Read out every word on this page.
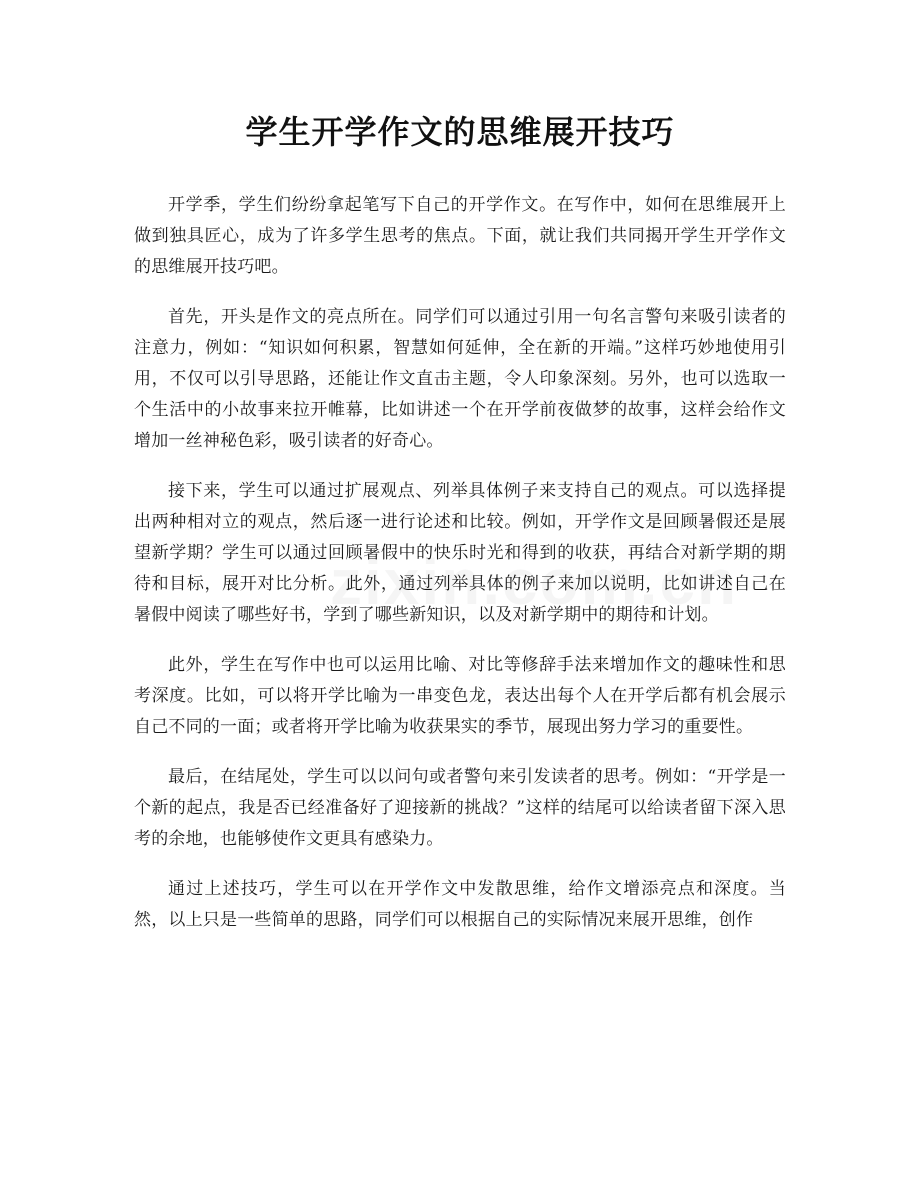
学生开学作文的思维展开技巧

开学季，学生们纷纷拿起笔写下自己的开学作文。在写作中，如何在思维展开上做到独具匠心，成为了许多学生思考的焦点。下面，就让我们共同揭开学生开学作文的思维展开技巧吧。

首先，开头是作文的亮点所在。同学们可以通过引用一句名言警句来吸引读者的注意力，例如：“知识如何积累，智慧如何延伸，全在新的开端。”这样巧妙地使用引用，不仅可以引导思路，还能让作文直击主题，令人印象深刻。另外，也可以选取一个生活中的小故事来拉开帷幕，比如讲述一个在开学前夜做梦的故事，这样会给作文增加一丝神秘色彩，吸引读者的好奇心。

接下来，学生可以通过扩展观点、列举具体例子来支持自己的观点。可以选择提出两种相对立的观点，然后逐一进行论述和比较。例如，开学作文是回顾暑假还是展望新学期？学生可以通过回顾暑假中的快乐时光和得到的收获，再结合对新学期的期待和目标，展开对比分析。此外，通过列举具体的例子来加以说明，比如讲述自己在暑假中阅读了哪些好书，学到了哪些新知识，以及对新学期中的期待和计划。

此外，学生在写作中也可以运用比喻、对比等修辞手法来增加作文的趣味性和思考深度。比如，可以将开学比喻为一串变色龙，表达出每个人在开学后都有机会展示自己不同的一面；或者将开学比喻为收获果实的季节，展现出努力学习的重要性。

最后，在结尾处，学生可以以问句或者警句来引发读者的思考。例如：“开学是一个新的起点，我是否已经准备好了迎接新的挑战？”这样的结尾可以给读者留下深入思考的余地，也能够使作文更具有感染力。

通过上述技巧，学生可以在开学作文中发散思维，给作文增添亮点和深度。当然，以上只是一些简单的思路，同学们可以根据自己的实际情况来展开思维，创作
